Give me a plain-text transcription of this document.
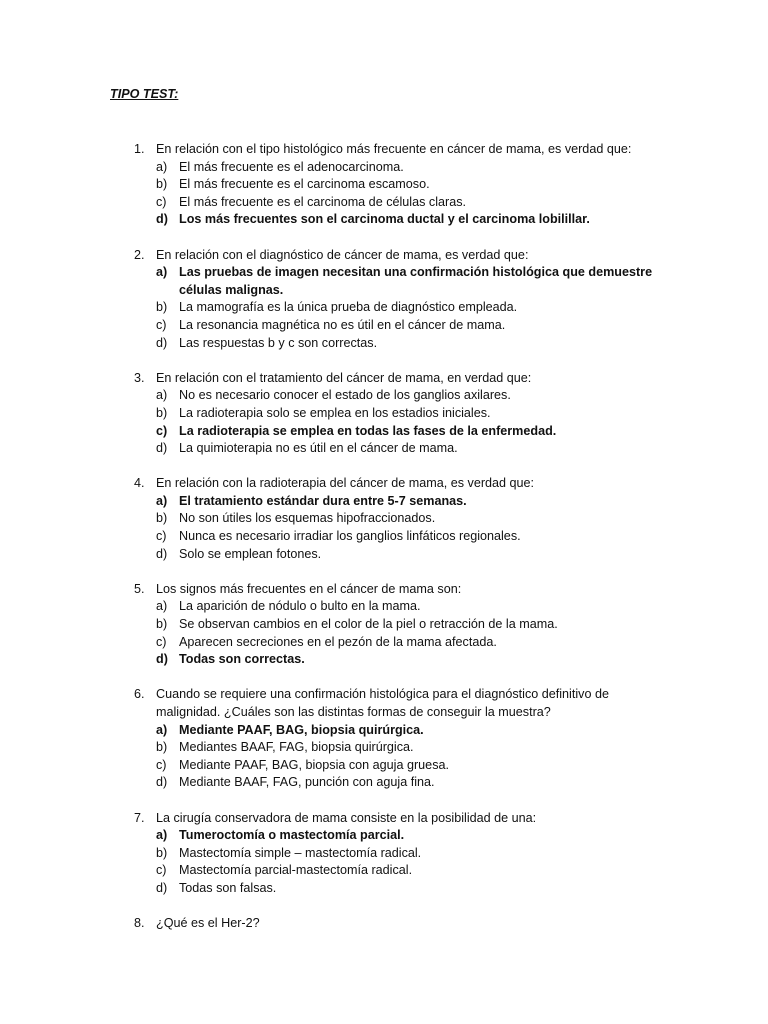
TIPO TEST:
1. En relación con el tipo histológico más frecuente en cáncer de mama, es verdad que:
a) El más frecuente es el adenocarcinoma.
b) El más frecuente es el carcinoma escamoso.
c) El más frecuente es el carcinoma de células claras.
d) Los más frecuentes son el carcinoma ductal y el carcinoma lobilillar.
2. En relación con el diagnóstico de cáncer de mama, es verdad que:
a) Las pruebas de imagen necesitan una confirmación histológica que demuestre células malignas.
b) La mamografía es la única prueba de diagnóstico empleada.
c) La resonancia magnética no es útil en el cáncer de mama.
d) Las respuestas b y c son correctas.
3. En relación con el tratamiento del cáncer de mama, en verdad que:
a) No es necesario conocer el estado de los ganglios axilares.
b) La radioterapia solo se emplea en los estadios iniciales.
c) La radioterapia se emplea en todas las fases de la enfermedad.
d) La quimioterapia no es útil en el cáncer de mama.
4. En relación con la radioterapia del cáncer de mama, es verdad que:
a) El tratamiento estándar dura entre 5-7 semanas.
b) No son útiles los esquemas hipofraccionados.
c) Nunca es necesario irradiar los ganglios linfáticos regionales.
d) Solo se emplean fotones.
5. Los signos más frecuentes en el cáncer de mama son:
a) La aparición de nódulo o bulto en la mama.
b) Se observan cambios en el color de la piel o retracción de la mama.
c) Aparecen secreciones en el pezón de la mama afectada.
d) Todas son correctas.
6. Cuando se requiere una confirmación histológica para el diagnóstico definitivo de malignidad. ¿Cuáles son las distintas formas de conseguir la muestra?
a) Mediante PAAF, BAG, biopsia quirúrgica.
b) Mediantes BAAF, FAG, biopsia quirúrgica.
c) Mediante PAAF, BAG, biopsia con aguja gruesa.
d) Mediante BAAF, FAG, punción con aguja fina.
7. La cirugía conservadora de mama consiste en la posibilidad de una:
a) Tumeroctomía o mastectomía parcial.
b) Mastectomía simple – mastectomía radical.
c) Mastectomía parcial-mastectomía radical.
d) Todas son falsas.
8. ¿Qué es el Her-2?
